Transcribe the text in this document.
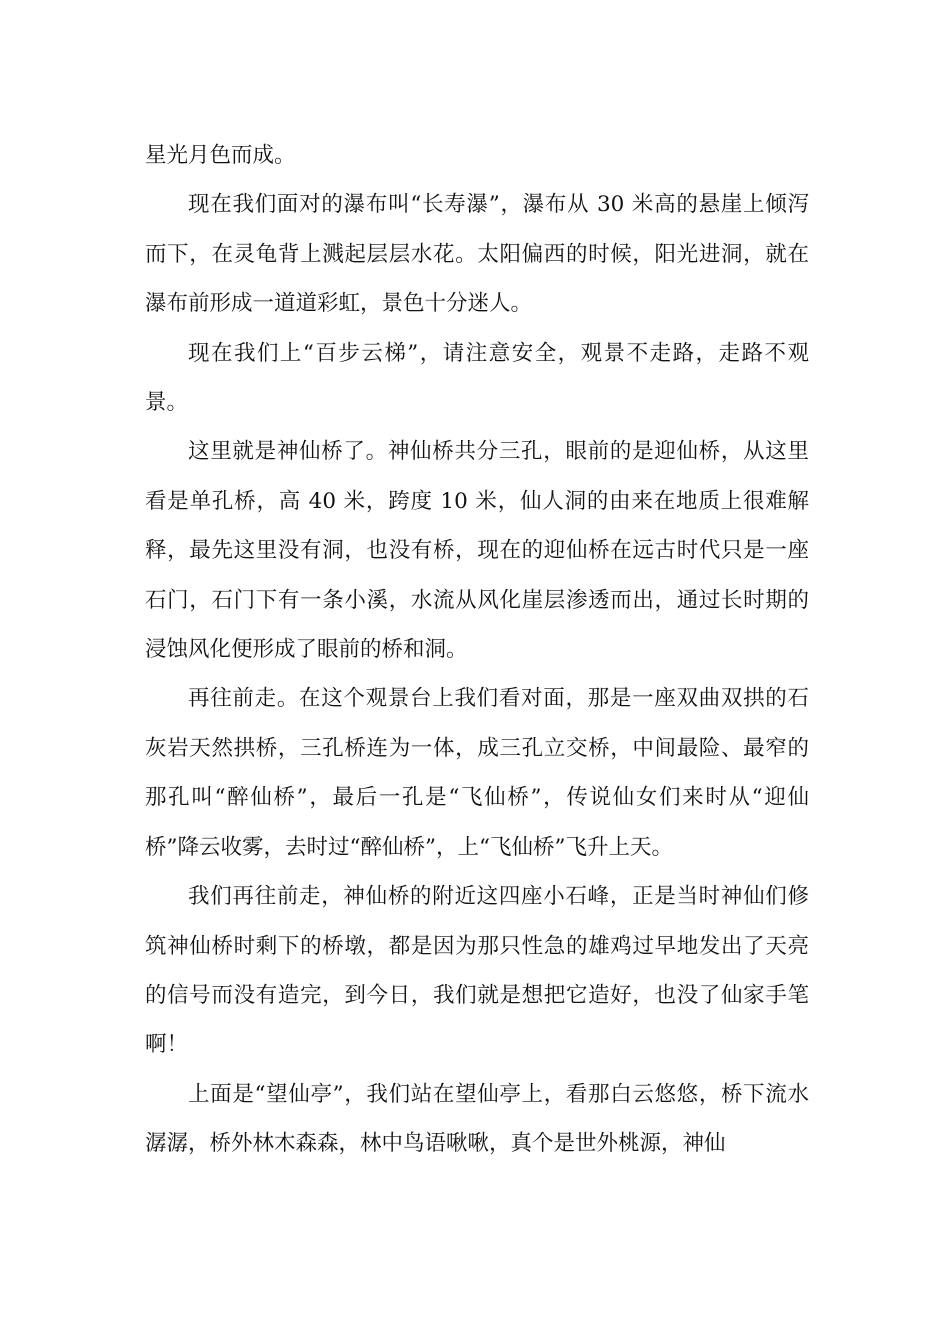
星光月色而成。

现在我们面对的瀑布叫“长寿瀑”，瀑布从 30 米高的悬崖上倾泻而下，在灵龟背上溅起层层水花。太阳偏西的时候，阳光进洞，就在瀑布前形成一道道彩虹，景色十分迷人。

现在我们上“百步云梯”，请注意安全，观景不走路，走路不观景。

这里就是神仙桥了。神仙桥共分三孔，眼前的是迎仙桥，从这里看是单孔桥，高 40 米，跨度 10 米，仙人洞的由来在地质上很难解释，最先这里没有洞，也没有桥，现在的迎仙桥在远古时代只是一座石门，石门下有一条小溪，水流从风化崖层渗透而出，通过长时期的浸蚀风化便形成了眼前的桥和洞。

再往前走。在这个观景台上我们看对面，那是一座双曲双拱的石灰岩天然拱桥，三孔桥连为一体，成三孔立交桥，中间最险、最窄的那孔叫“醉仙桥”，最后一孔是“飞仙桥”，传说仙女们来时从“迎仙桥”降云收雾，去时过“醉仙桥”，上“飞仙桥”飞升上天。

我们再往前走，神仙桥的附近这四座小石峰，正是当时神仙们修筑神仙桥时剩下的桥墩，都是因为那只性急的雄鸡过早地发出了天亮的信号而没有造完，到今日，我们就是想把它造好，也没了仙家手笔啊！

上面是“望仙亭”，我们站在望仙亭上，看那白云悠悠，桥下流水潺潺，桥外林木森森，林中鸟语啾啾，真个是世外桃源，神仙
